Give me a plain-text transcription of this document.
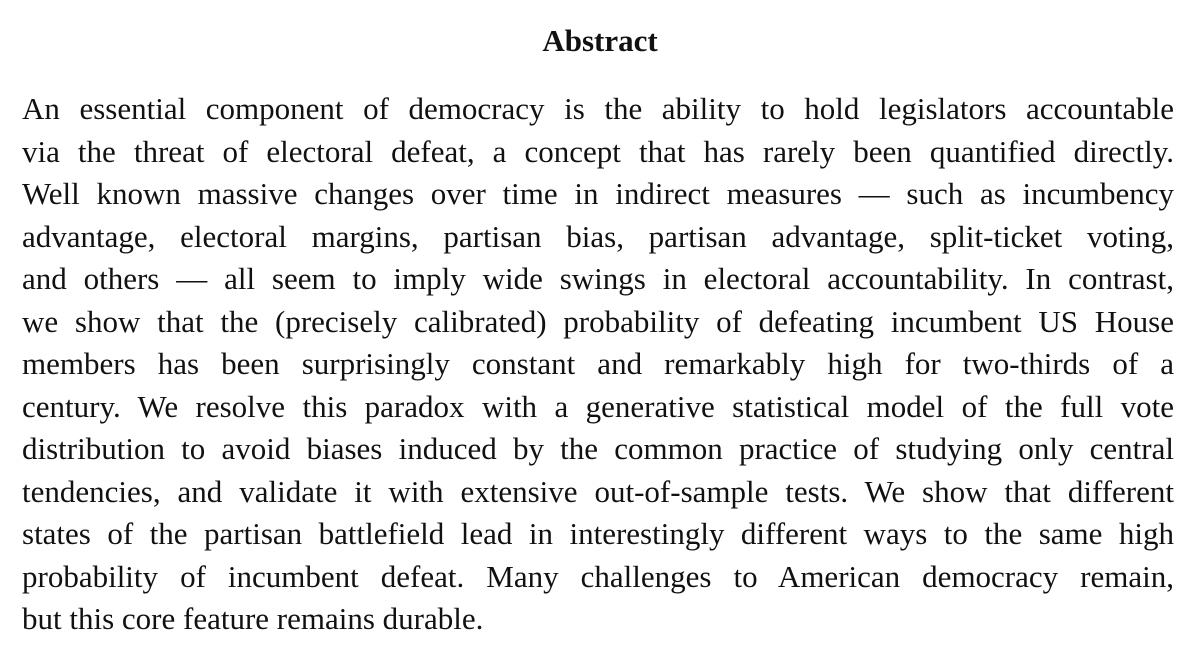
Abstract
An essential component of democracy is the ability to hold legislators accountable
via the threat of electoral defeat, a concept that has rarely been quantified directly.
Well known massive changes over time in indirect measures — such as incumbency
advantage, electoral margins, partisan bias, partisan advantage, split-ticket voting,
and others — all seem to imply wide swings in electoral accountability. In contrast,
we show that the (precisely calibrated) probability of defeating incumbent US House
members has been surprisingly constant and remarkably high for two-thirds of a
century. We resolve this paradox with a generative statistical model of the full vote
distribution to avoid biases induced by the common practice of studying only central
tendencies, and validate it with extensive out-of-sample tests. We show that different
states of the partisan battlefield lead in interestingly different ways to the same high
probability of incumbent defeat. Many challenges to American democracy remain,
but this core feature remains durable.
